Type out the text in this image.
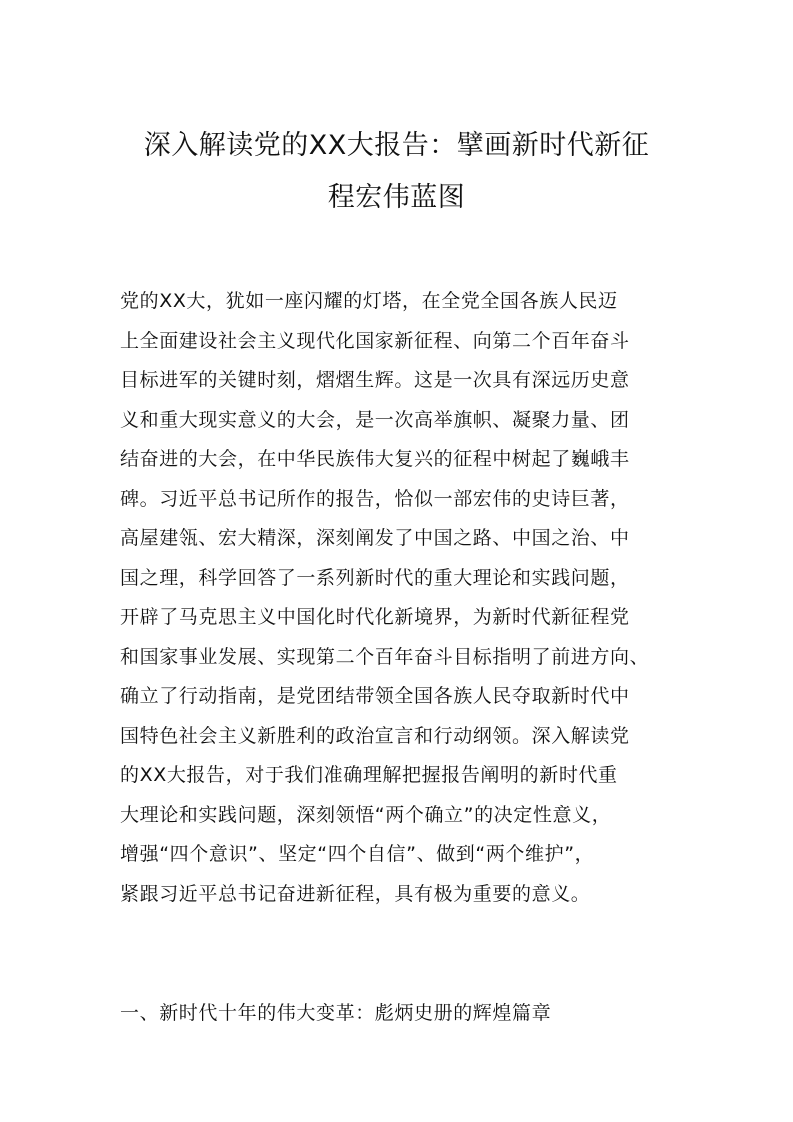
深入解读党的XX大报告：擘画新时代新征
程宏伟蓝图
党的XX大，犹如一座闪耀的灯塔，在全党全国各族人民迈
上全面建设社会主义现代化国家新征程、向第二个百年奋斗
目标进军的关键时刻，熠熠生辉。这是一次具有深远历史意
义和重大现实意义的大会，是一次高举旗帜、凝聚力量、团
结奋进的大会，在中华民族伟大复兴的征程中树起了巍峨丰
碑。习近平总书记所作的报告，恰似一部宏伟的史诗巨著，
高屋建瓴、宏大精深，深刻阐发了中国之路、中国之治、中
国之理，科学回答了一系列新时代的重大理论和实践问题，
开辟了马克思主义中国化时代化新境界，为新时代新征程党
和国家事业发展、实现第二个百年奋斗目标指明了前进方向、
确立了行动指南，是党团结带领全国各族人民夺取新时代中
国特色社会主义新胜利的政治宣言和行动纲领。深入解读党
的XX大报告，对于我们准确理解把握报告阐明的新时代重
大理论和实践问题，深刻领悟“两个确立”的决定性意义，
增强“四个意识”、坚定“四个自信”、做到“两个维护”，
紧跟习近平总书记奋进新征程，具有极为重要的意义。
一、新时代十年的伟大变革：彪炳史册的辉煌篇章
